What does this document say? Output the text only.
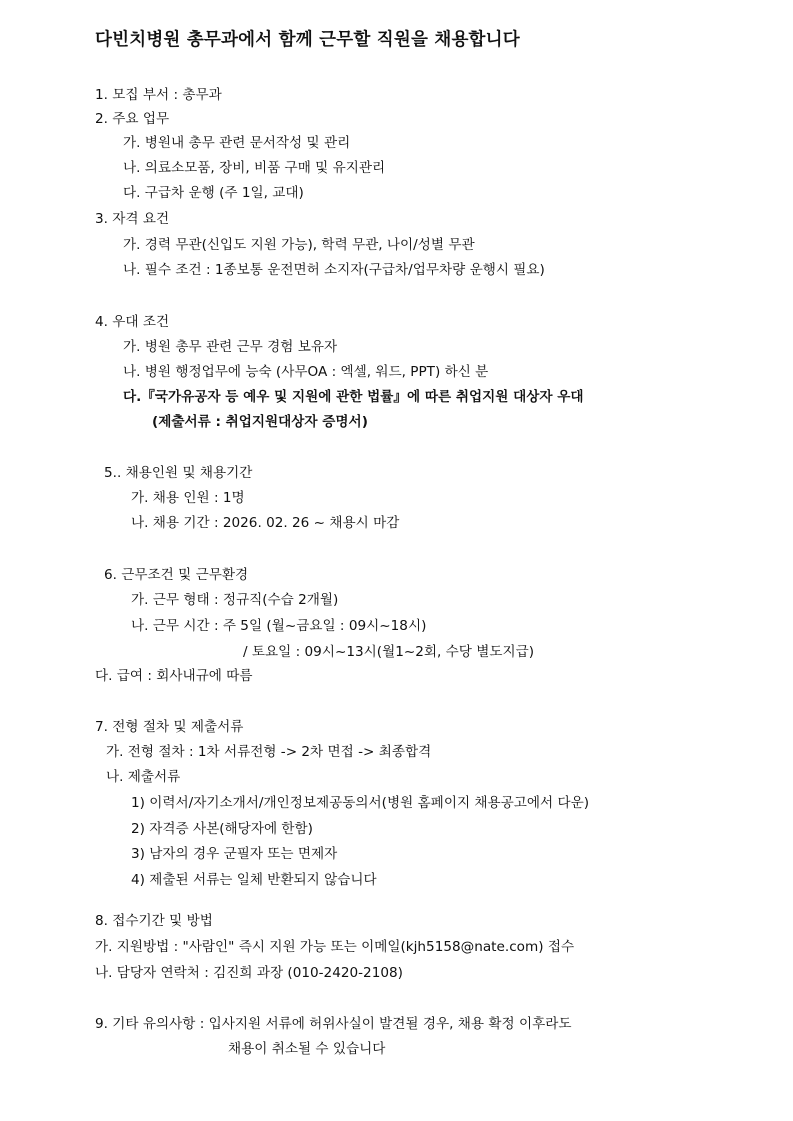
다빈치병원 총무과에서 함께 근무할 직원을 채용합니다
1. 모집 부서 : 총무과
2. 주요 업무
가. 병원내 총무 관련 문서작성 및 관리
나. 의료소모품, 장비, 비품 구매 및 유지관리
다. 구급차 운행 (주 1일, 교대)
3. 자격 요건
가. 경력 무관(신입도 지원 가능), 학력 무관, 나이/성별 무관
나. 필수 조건 : 1종보통 운전면허 소지자(구급차/업무차량 운행시 필요)
4. 우대 조건
가. 병원 총무 관련 근무 경험 보유자
나. 병원 행정업무에 능숙 (사무OA : 엑셀, 워드, PPT) 하신 분
다.『국가유공자 등 예우 및 지원에 관한 법률』에 따른 취업지원 대상자 우대
(제출서류 : 취업지원대상자 증명서)
5.. 채용인원 및 채용기간
가. 채용 인원 : 1명
나. 채용 기간 : 2026. 02. 26 ~ 채용시 마감
6. 근무조건 및 근무환경
가. 근무 형태 : 정규직(수습 2개월)
나. 근무 시간 : 주 5일 (월~금요일 : 09시~18시)
/ 토요일 : 09시~13시(월1~2회, 수당 별도지급)
다. 급여 : 회사내규에 따름
7. 전형 절차 및 제출서류
가. 전형 절차 : 1차 서류전형 -> 2차 면접 -> 최종합격
나. 제출서류
1) 이력서/자기소개서/개인정보제공동의서(병원 홈페이지 채용공고에서 다운)
2) 자격증 사본(해당자에 한함)
3) 남자의 경우 군필자 또는 면제자
4) 제출된 서류는 일체 반환되지 않습니다
8. 접수기간 및 방법
가. 지원방법 : "사람인" 즉시 지원 가능 또는 이메일(kjh5158@nate.com) 접수
나. 담당자 연락처 : 김진희 과장 (010-2420-2108)
9. 기타 유의사항 : 입사지원 서류에 허위사실이 발견될 경우, 채용 확정 이후라도
채용이 취소될 수 있습니다
